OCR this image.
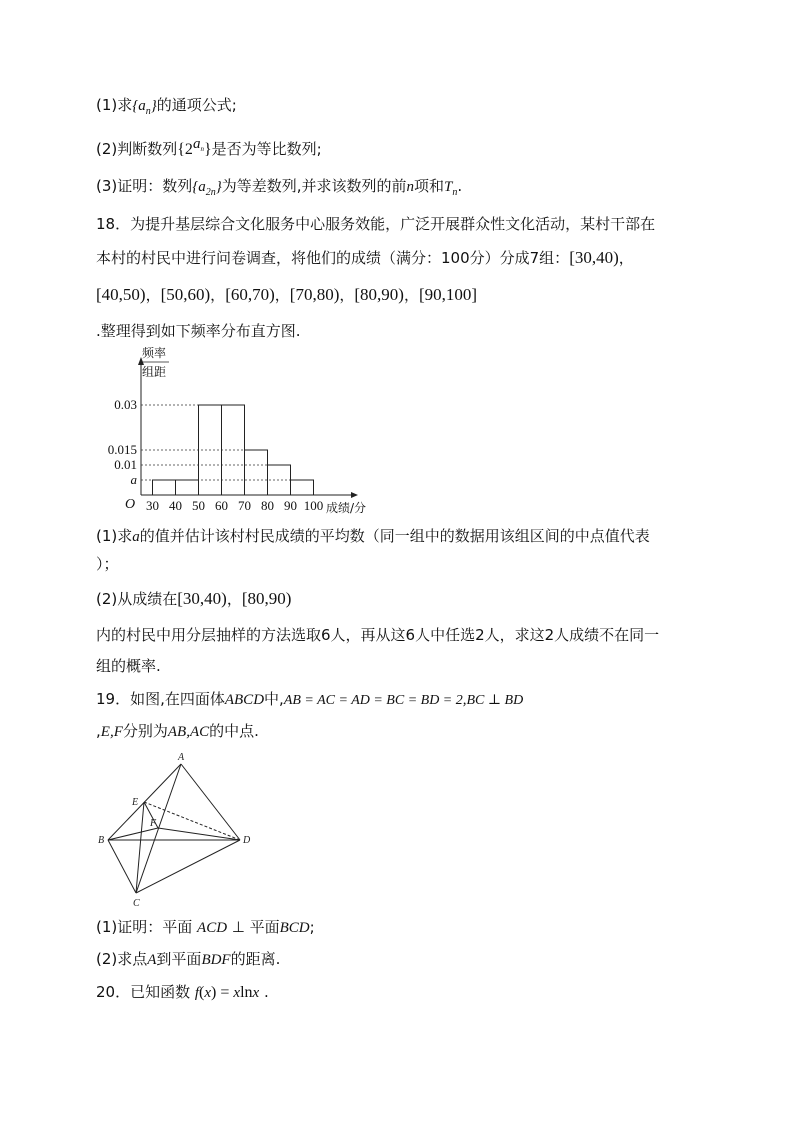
(1)求$\{a_n\}$的通项公式;
(2)判断数列$\{2^{a_n}\}$是否为等比数列;
(3)证明：数列$\{a_{2n}\}$为等差数列,并求该数列的前n项和$T_n$.
18．为提升基层综合文化服务中心服务效能，广泛开展群众性文化活动，某村干部在
本村的村民中进行问卷调查，将他们的成绩（满分：100分）分成7组：[30,40)，
[40,50)，[50,60)，[60,70)，[70,80)，[80,90)，[90,100]
.整理得到如下频率分布直方图.
a
0.01
0.015
0.03
30 40 50 60 70 80 90 100
O	成绩/分
频率
组距
(1)求a的值并估计该村村民成绩的平均数（同一组中的数据用该组区间的中点值代表
）；
(2)从成绩在[30,40)，[80,90)
内的村民中用分层抽样的方法选取6人，再从这6人中任选2人，求这2人成绩不在同一
组的概率.
19．如图,在四面体ABCD中,AB = AC = AD = BC = BD = 2,BC ⊥ BD
,E,F分别为AB,AC的中点.
A
B
C
D
E
F
(1)证明：平面 ACD ⊥ 平面BCD;
(2)求点A到平面BDF的距离.
20．已知函数 f(x) = xlnx .
